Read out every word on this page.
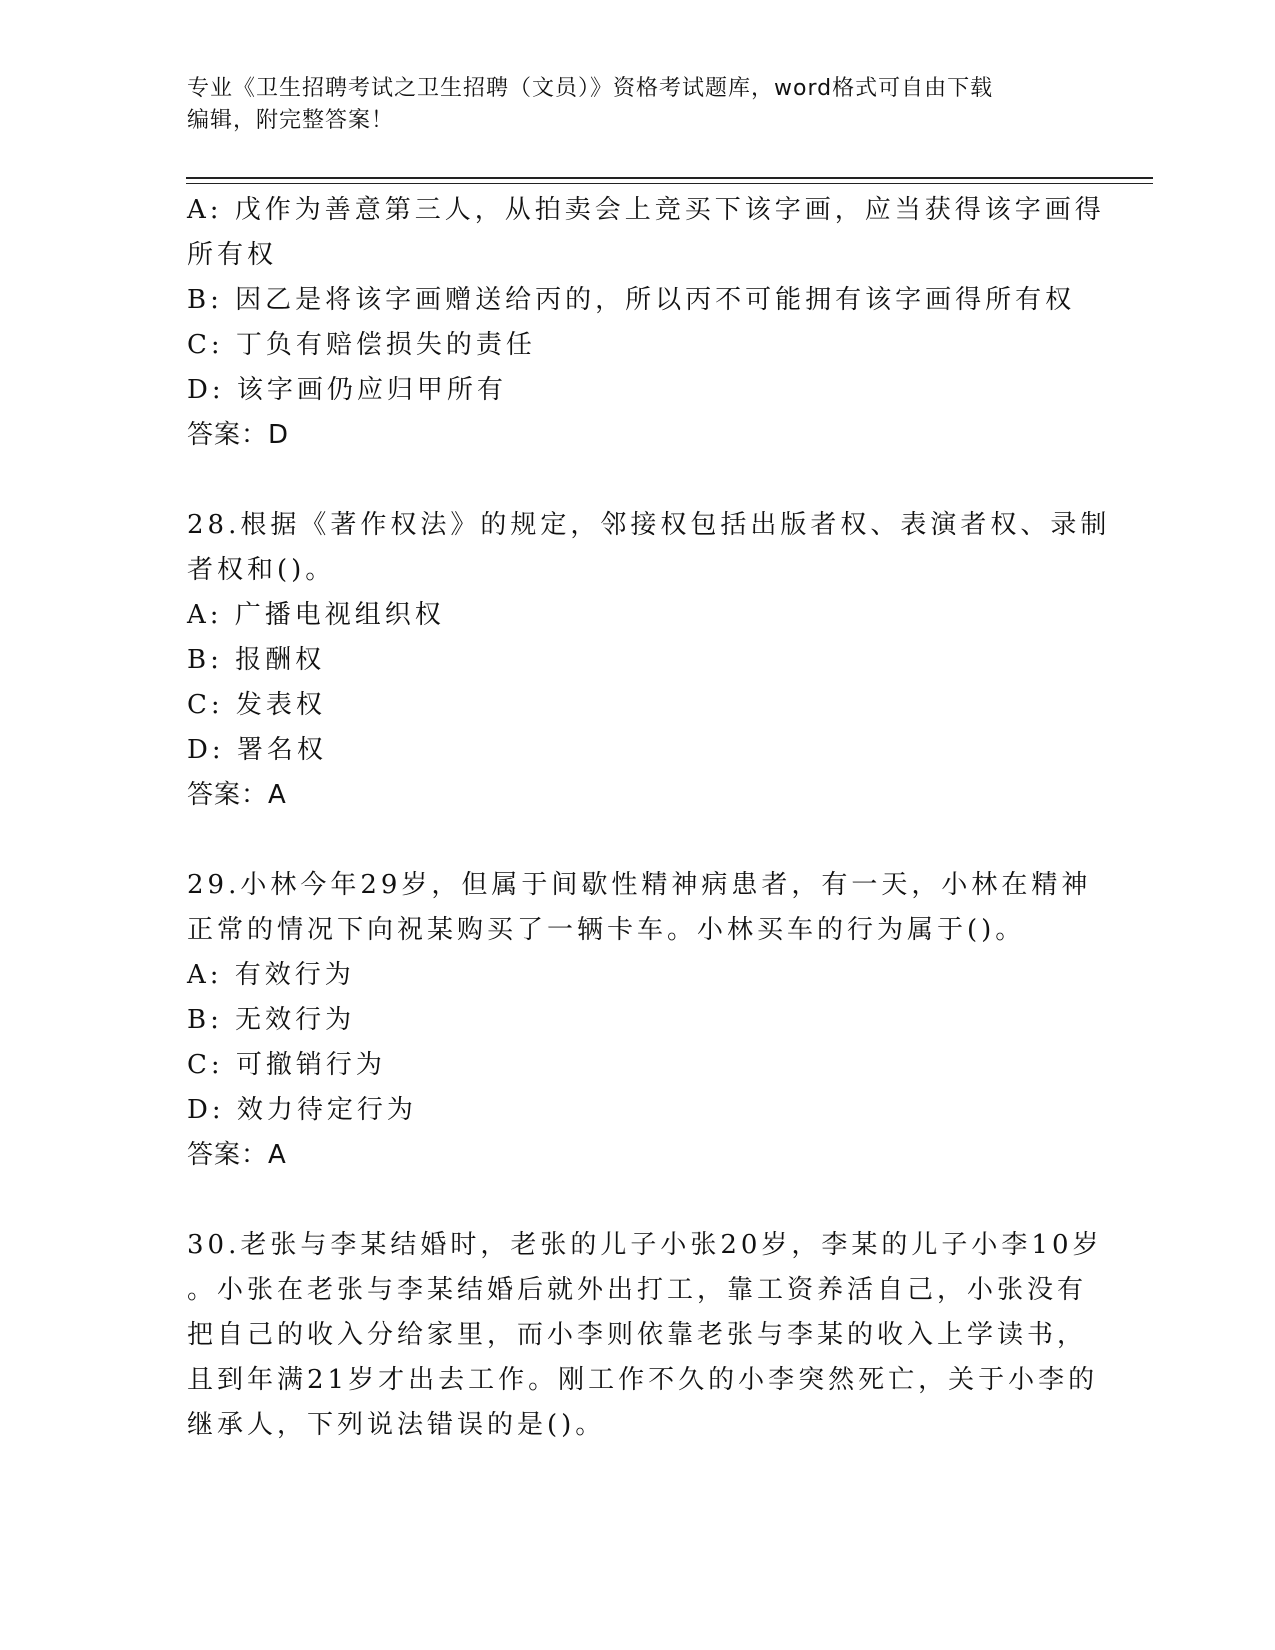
专业《卫生招聘考试之卫生招聘（文员）》资格考试题库，word格式可自由下载
编辑，附完整答案！

A: 戊作为善意第三人，从拍卖会上竞买下该字画，应当获得该字画得

所有权

B: 因乙是将该字画赠送给丙的，所以丙不可能拥有该字画得所有权

C: 丁负有赔偿损失的责任

D: 该字画仍应归甲所有

答案：D

28.根据《著作权法》的规定，邻接权包括出版者权、表演者权、录制

者权和()。

A: 广播电视组织权

B: 报酬权

C: 发表权

D: 署名权

答案：A

29.小林今年29岁，但属于间歇性精神病患者，有一天，小林在精神

正常的情况下向祝某购买了一辆卡车。小林买车的行为属于()。

A: 有效行为

B: 无效行为

C: 可撤销行为

D: 效力待定行为

答案：A

30.老张与李某结婚时，老张的儿子小张20岁，李某的儿子小李10岁

。小张在老张与李某结婚后就外出打工，靠工资养活自己，小张没有

把自己的收入分给家里，而小李则依靠老张与李某的收入上学读书，

且到年满21岁才出去工作。刚工作不久的小李突然死亡，关于小李的

继承人，下列说法错误的是()。
